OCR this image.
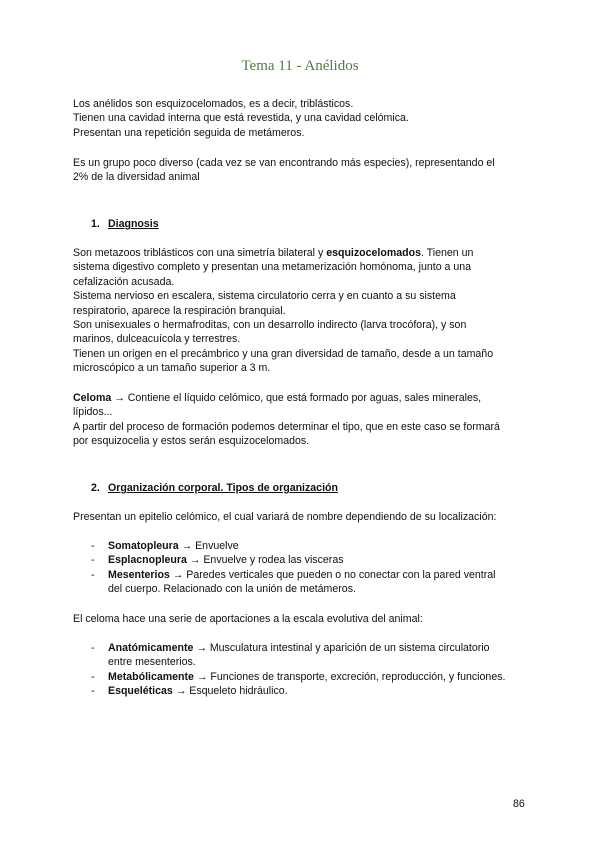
Tema 11 - Anélidos
Los anélidos son esquizocelomados, es a decir, triblásticos.
Tienen una cavidad interna que está revestida, y una cavidad celómica.
Presentan una repetición seguida de metámeros.
Es un grupo poco diverso (cada vez se van encontrando más especies), representando el
2% de la diversidad animal
1. Diagnosis
Son metazoos triblásticos con una simetría bilateral y esquizocelomados. Tienen un
sistema digestivo completo y presentan una metamerización homónoma, junto a una
cefalización acusada.
Sistema nervioso en escalera, sistema circulatorio cerra y en cuanto a su sistema
respiratorio, aparece la respiración branquial.
Son unisexuales o hermafroditas, con un desarrollo indirecto (larva trocófora), y son
marinos, dulceacuícola y terrestres.
Tienen un origen en el precámbrico y una gran diversidad de tamaño, desde a un tamaño
microscópico a un tamaño superior a 3 m.
Celoma → Contiene el líquido celómico, que está formado por aguas, sales minerales,
lípidos...
A partir del proceso de formación podemos determinar el tipo, que en este caso se formará
por esquizocelia y estos serán esquizocelomados.
2. Organización corporal. Tipos de organización
Presentan un epitelio celómico, el cual variará de nombre dependiendo de su localización:
- Somatopleura → Envuelve
- Esplacnopleura → Envuelve y rodea las visceras
- Mesenterios → Paredes verticales que pueden o no conectar con la pared ventral
del cuerpo. Relacionado con la unión de metámeros.
El celoma hace una serie de aportaciones a la escala evolutiva del animal:
- Anatómicamente → Musculatura intestinal y aparición de un sistema circulatorio
entre mesenterios.
- Metabólicamente → Funciones de transporte, excreción, reproducción, y funciones.
- Esqueléticas → Esqueleto hidráulico.
86
